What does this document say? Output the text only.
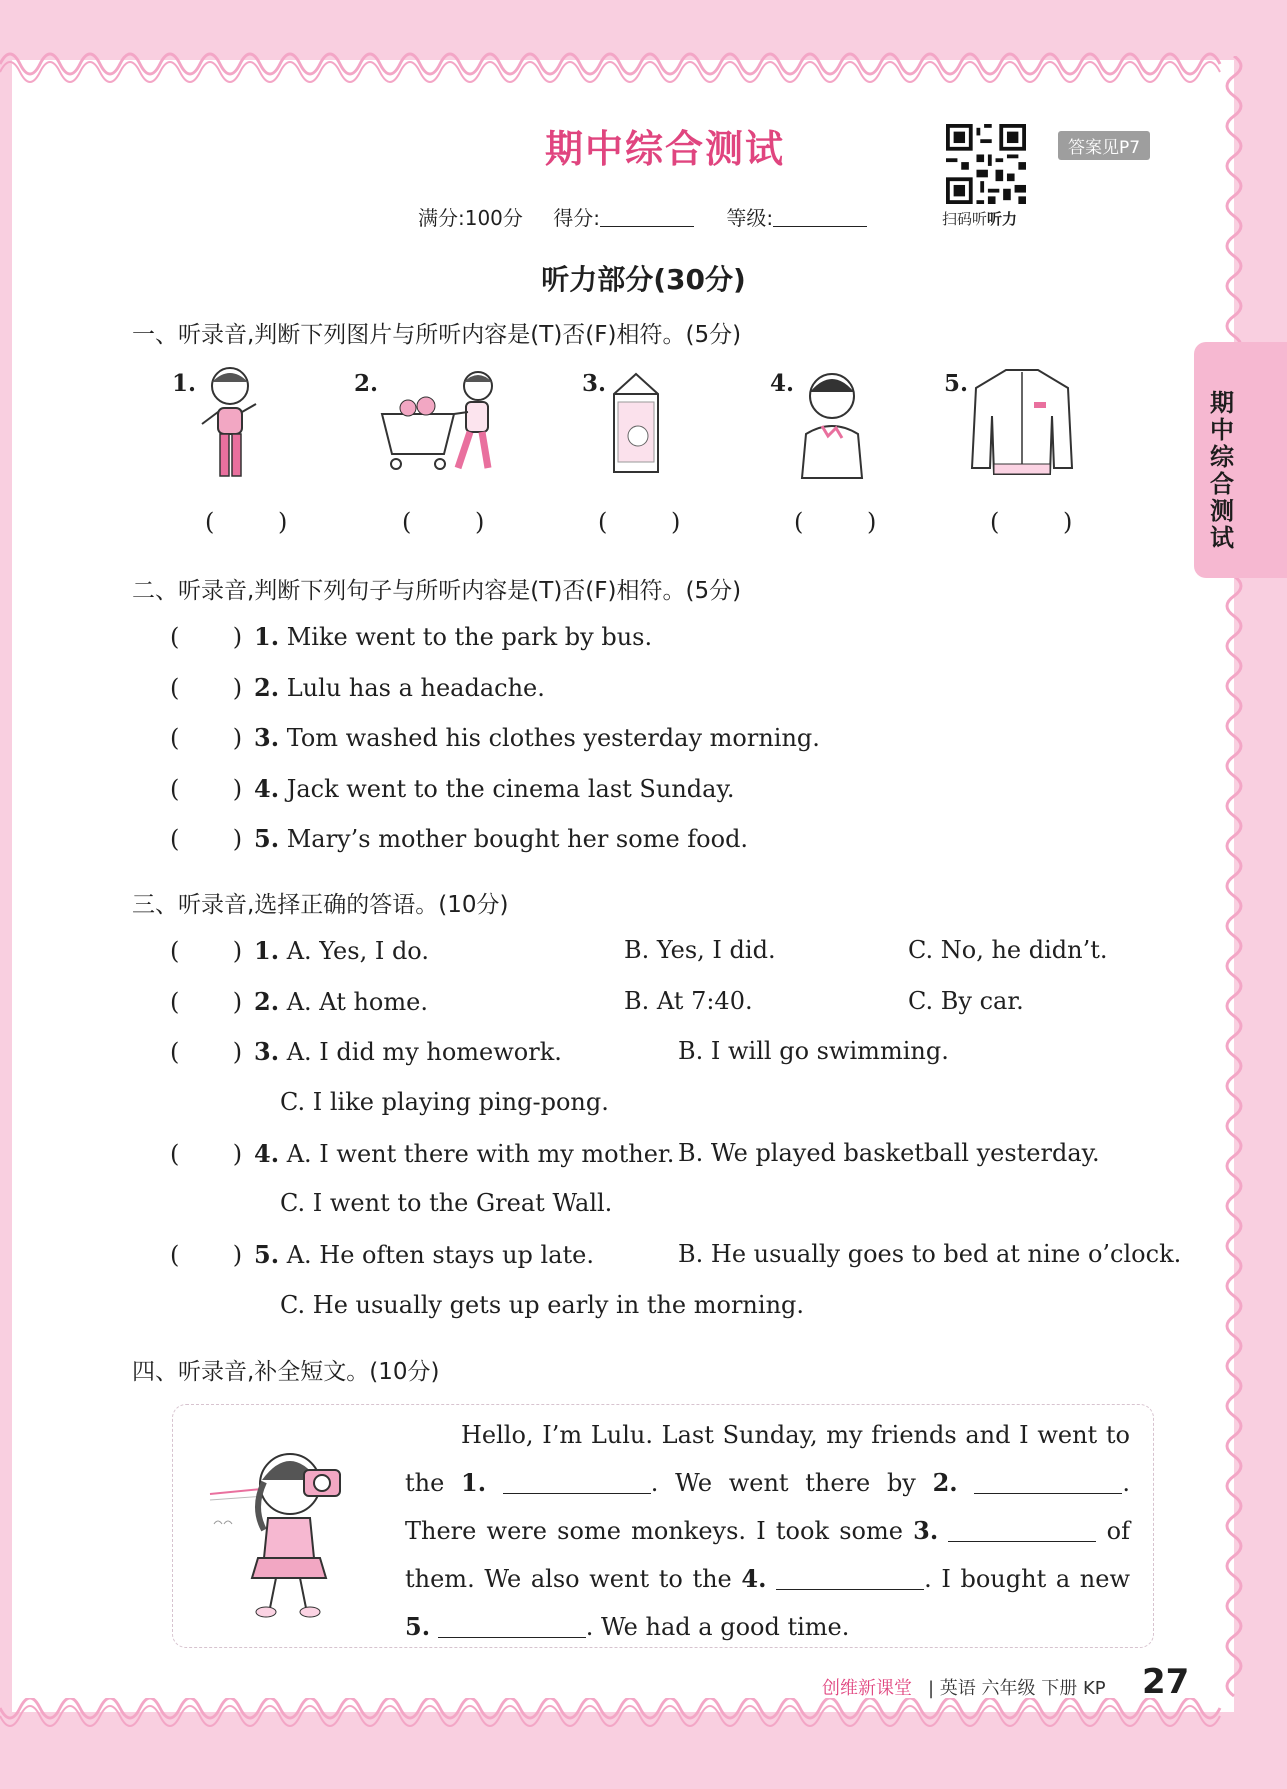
期中综合测试
扫码听听力
答案见P7
满分:100分 得分:	等级:
听力部分(30分)
一、听录音,判断下列图片与所听内容是(T)否(F)相符。(5分)
1.	2.	3.	4.	5.
( )	( )	( )	( )	( )
二、听录音,判断下列句子与所听内容是(T)否(F)相符。(5分)
(       ) 1. Mike went to the park by bus.
(       ) 2. Lulu has a headache.
(       ) 3. Tom washed his clothes yesterday morning.
(       ) 4. Jack went to the cinema last Sunday.
(       ) 5. Mary’s mother bought her some food.
三、听录音,选择正确的答语。(10分)
(       ) 1. A. Yes, I do.	B. Yes, I did.	C. No, he didn’t.
(       ) 2. A. At home.	B. At 7:40.	C. By car.
(       ) 3. A. I did my homework.	B. I will go swimming.
C. I like playing ping-pong.
(       ) 4. A. I went there with my mother. B. We played basketball yesterday.
C. I went to the Great Wall.
(       ) 5. A. He often stays up late.	B. He usually goes to bed at nine o’clock.
C. He usually gets up early in the morning.
四、听录音,补全短文。(10分)
Hello, I’m Lulu. Last Sunday, my friends and I went to the 1.	. We went there by 2.	. There were some monkeys. I took some 3.	of them. We also went to the 4.	. I bought a new 5.	. We had a good time.
期中综合测试
创维新课堂 | 英语 六年级 下册 KP 27
